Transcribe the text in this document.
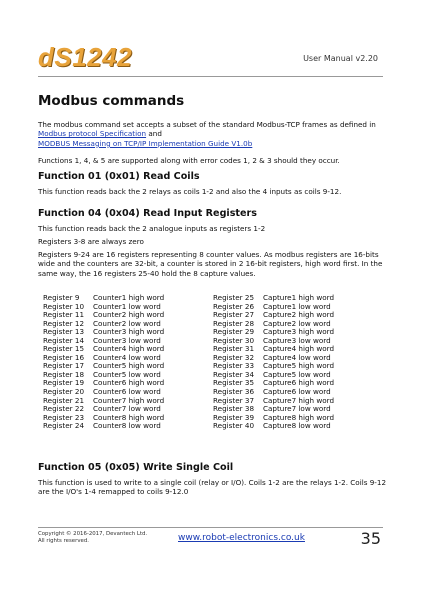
dS1242	User Manual v2.20
Modbus commands

The modbus command set accepts a subset of the standard Modbus-TCP frames as defined in
Modbus protocol Specification and
MODBUS Messaging on TCP/IP Implementation Guide V1.0b

Functions 1, 4, & 5 are supported along with error codes 1, 2 & 3 should they occur.

Function 01 (0x01) Read Coils

This function reads back the 2 relays as coils 1-2 and also the 4 inputs as coils 9-12.

Function 04 (0x04) Read Input Registers

This function reads back the 2 analogue inputs as registers 1-2

Registers 3-8 are always zero

Registers 9-24 are 16 registers representing 8 counter values. As modbus registers are 16-bits wide and the counters are 32-bit, a counter is stored in 2 16-bit registers, high word first. In the same way, the 16 registers 25-40 hold the 8 capture values.

Register 9 Counter1 high word	Register 25 Capture1 high word
Register 10 Counter1 low word	Register 26 Capture1 low word
Register 11 Counter2 high word	Register 27 Capture2 high word
Register 12 Counter2 low word	Register 28 Capture2 low word
Register 13 Counter3 high word	Register 29 Capture3 high word
Register 14 Counter3 low word	Register 30 Capture3 low word
Register 15 Counter4 high word	Register 31 Capture4 high word
Register 16 Counter4 low word	Register 32 Capture4 low word
Register 17 Counter5 high word	Register 33 Capture5 high word
Register 18 Counter5 low word	Register 34 Capture5 low word
Register 19 Counter6 high word	Register 35 Capture6 high word
Register 20 Counter6 low word	Register 36 Capture6 low word
Register 21 Counter7 high word	Register 37 Capture7 high word
Register 22 Counter7 low word	Register 38 Capture7 low word
Register 23 Counter8 high word	Register 39 Capture8 high word
Register 24 Counter8 low word	Register 40 Capture8 low word
Function 05 (0x05) Write Single Coil

This function is used to write to a single coil (relay or I/O). Coils 1-2 are the relays 1-2. Coils 9-12 are the I/O's 1-4 remapped to coils 9-12.0

Copyright © 2016-2017, Devantech Ltd.
All rights reserved.	www.robot-electronics.co.uk	35
